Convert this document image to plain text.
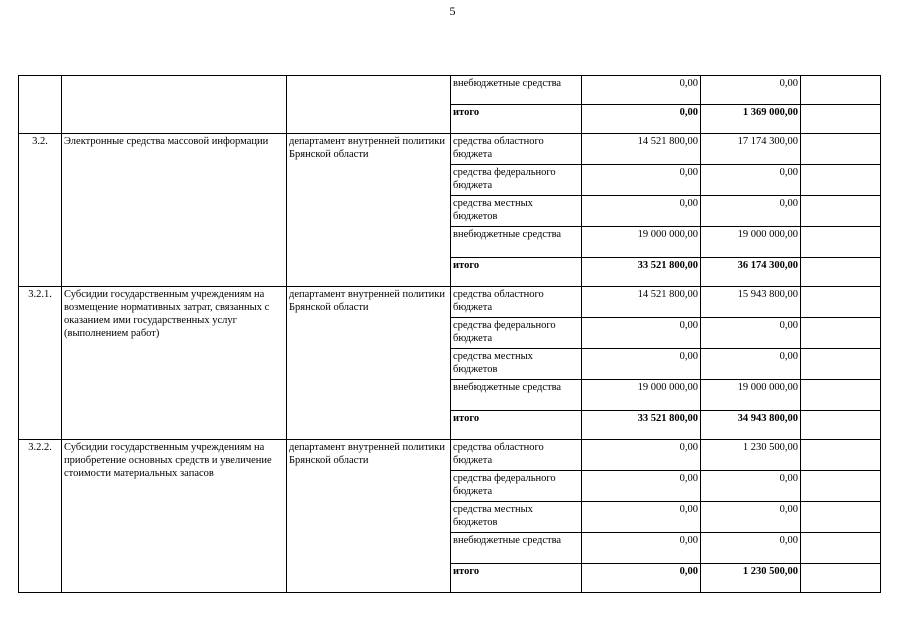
5
			внебюджетные средства	0,00	0,00	
			итого	0,00	1 369 000,00	
3.2.	Электронные средства массовой информации	департамент внутренней политики Брянской области	средства областного бюджета	14 521 800,00	17 174 300,00	
			средства федерального бюджета	0,00	0,00	
			средства местных бюджетов	0,00	0,00	
			внебюджетные средства	19 000 000,00	19 000 000,00	
			итого	33 521 800,00	36 174 300,00	
3.2.1.	Субсидии государственным учреждениям на возмещение нормативных затрат, связанных с оказанием ими государственных услуг (выполнением работ)	департамент внутренней политики Брянской области	средства областного бюджета	14 521 800,00	15 943 800,00	
			средства федерального бюджета	0,00	0,00	
			средства местных бюджетов	0,00	0,00	
			внебюджетные средства	19 000 000,00	19 000 000,00	
			итого	33 521 800,00	34 943 800,00	
3.2.2.	Субсидии государственным учреждениям на приобретение основных средств и увеличение стоимости материальных запасов	департамент внутренней политики Брянской области	средства областного бюджета	0,00	1 230 500,00	
			средства федерального бюджета	0,00	0,00	
			средства местных бюджетов	0,00	0,00	
			внебюджетные средства	0,00	0,00	
			итого	0,00	1 230 500,00	
